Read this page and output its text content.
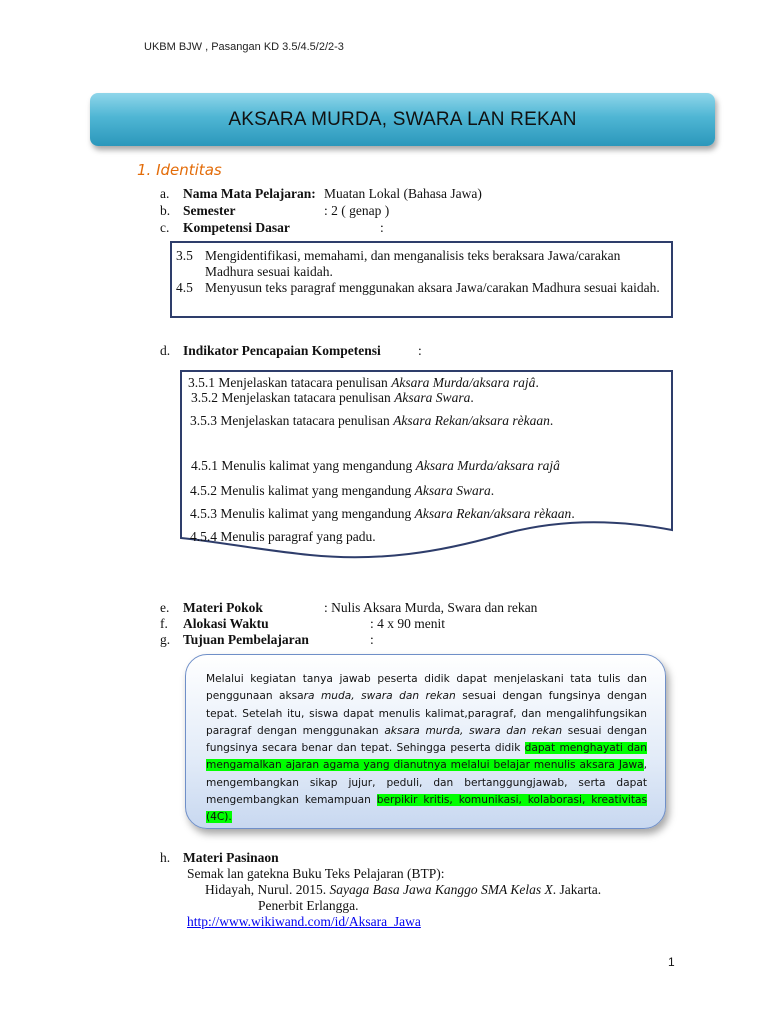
UKBM BJW , Pasangan KD 3.5/4.5/2/2-3
AKSARA MURDA, SWARA LAN REKAN
1. Identitas
a. Nama Mata Pelajaran: Muatan Lokal (Bahasa Jawa)
b. Semester	: 2 ( genap )
c. Kompetensi Dasar	:
3.5 Mengidentifikasi, memahami, dan menganalisis teks beraksara Jawa/carakan Madhura sesuai kaidah.
4.5 Menyusun teks paragraf menggunakan aksara Jawa/carakan Madhura sesuai kaidah.
d. Indikator Pencapaian Kompetensi	:
3.5.1 Menjelaskan tatacara penulisan Aksara Murda/aksara rajâ.
3.5.2 Menjelaskan tatacara penulisan Aksara Swara.
3.5.3 Menjelaskan tatacara penulisan Aksara Rekan/aksara rèkaan.
4.5.1 Menulis kalimat yang mengandung Aksara Murda/aksara rajâ
4.5.2 Menulis kalimat yang mengandung Aksara Swara.
4.5.3 Menulis kalimat yang mengandung Aksara Rekan/aksara rèkaan.
4.5.4 Menulis paragraf yang padu.
e. Materi Pokok	: Nulis Aksara Murda, Swara dan rekan
f. Alokasi Waktu	: 4 x 90 menit
g. Tujuan Pembelajaran	:
Melalui kegiatan tanya jawab peserta didik dapat menjelaskani tata tulis dan penggunaan aksara muda, swara dan rekan sesuai dengan fungsinya dengan tepat. Setelah itu, siswa dapat menulis kalimat,paragraf, dan mengalihfungsikan paragraf dengan menggunakan aksara murda, swara dan rekan sesuai dengan fungsinya secara benar dan tepat. Sehingga peserta didik dapat menghayati dan mengamalkan ajaran agama yang dianutnya melalui belajar menulis aksara Jawa, mengembangkan sikap jujur, peduli, dan bertanggungjawab, serta dapat mengembangkan kemampuan berpikir kritis, komunikasi, kolaborasi, kreativitas (4C).
h. Materi Pasinaon
Semak lan gatekna Buku Teks Pelajaran (BTP):
Hidayah, Nurul. 2015. Sayaga Basa Jawa Kanggo SMA Kelas X. Jakarta.
Penerbit Erlangga.
http://www.wikiwand.com/id/Aksara_Jawa
1
